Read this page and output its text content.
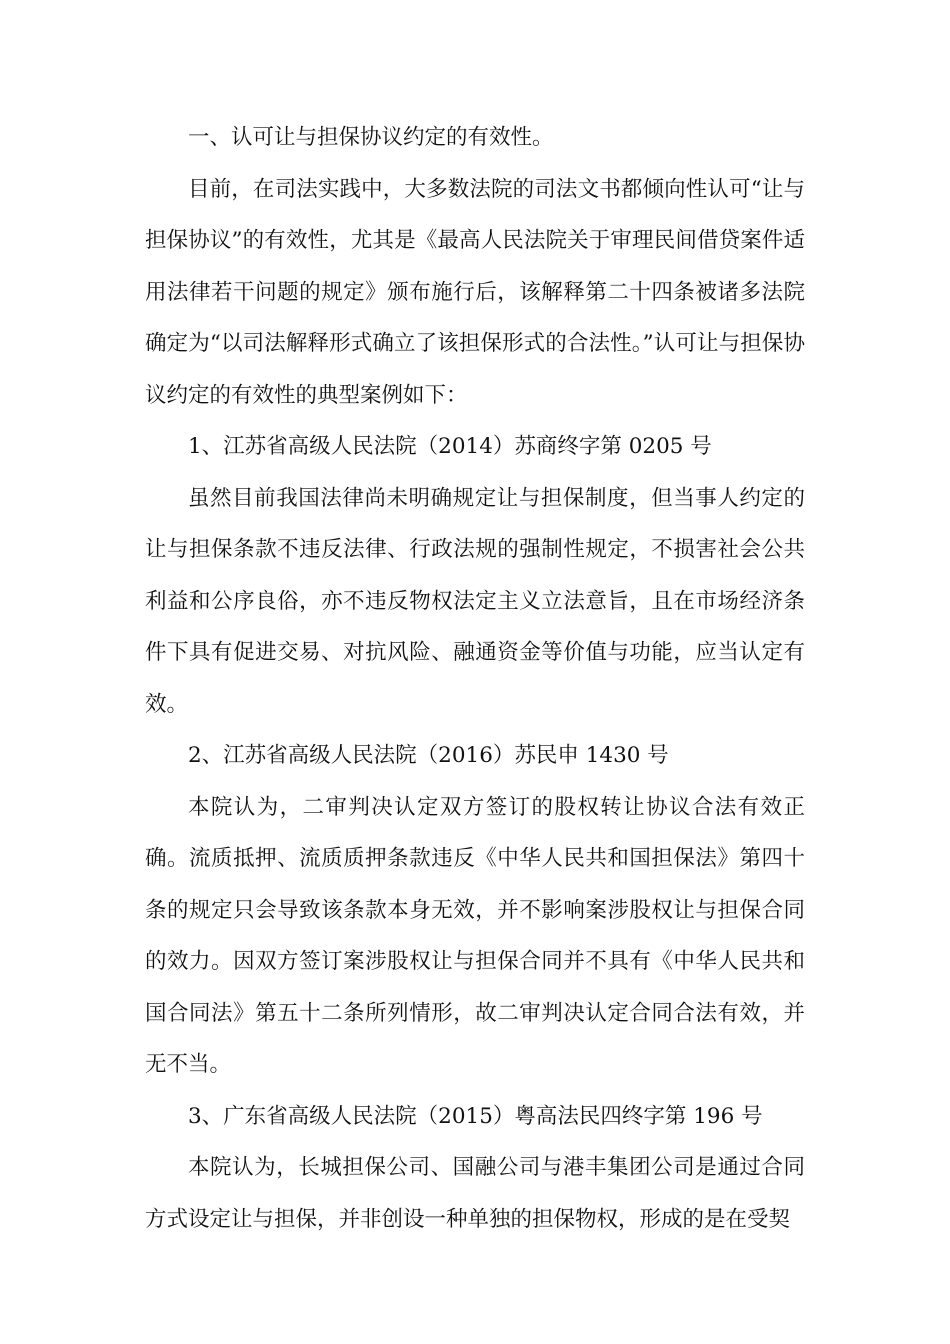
一、认可让与担保协议约定的有效性。

目前，在司法实践中，大多数法院的司法文书都倾向性认可“让与担保协议”的有效性，尤其是《最高人民法院关于审理民间借贷案件适用法律若干问题的规定》颁布施行后，该解释第二十四条被诸多法院确定为“以司法解释形式确立了该担保形式的合法性。”认可让与担保协议约定的有效性的典型案例如下：

1、江苏省高级人民法院（2014）苏商终字第 0205 号

虽然目前我国法律尚未明确规定让与担保制度，但当事人约定的让与担保条款不违反法律、行政法规的强制性规定，不损害社会公共利益和公序良俗，亦不违反物权法定主义立法意旨，且在市场经济条件下具有促进交易、对抗风险、融通资金等价值与功能，应当认定有效。

2、江苏省高级人民法院（2016）苏民申 1430 号

本院认为，二审判决认定双方签订的股权转让协议合法有效正确。流质抵押、流质质押条款违反《中华人民共和国担保法》第四十条的规定只会导致该条款本身无效，并不影响案涉股权让与担保合同的效力。因双方签订案涉股权让与担保合同并不具有《中华人民共和国合同法》第五十二条所列情形，故二审判决认定合同合法有效，并无不当。

3、广东省高级人民法院（2015）粤高法民四终字第 196 号

本院认为，长城担保公司、国融公司与港丰集团公司是通过合同方式设定让与担保，并非创设一种单独的担保物权，形成的是在受契
